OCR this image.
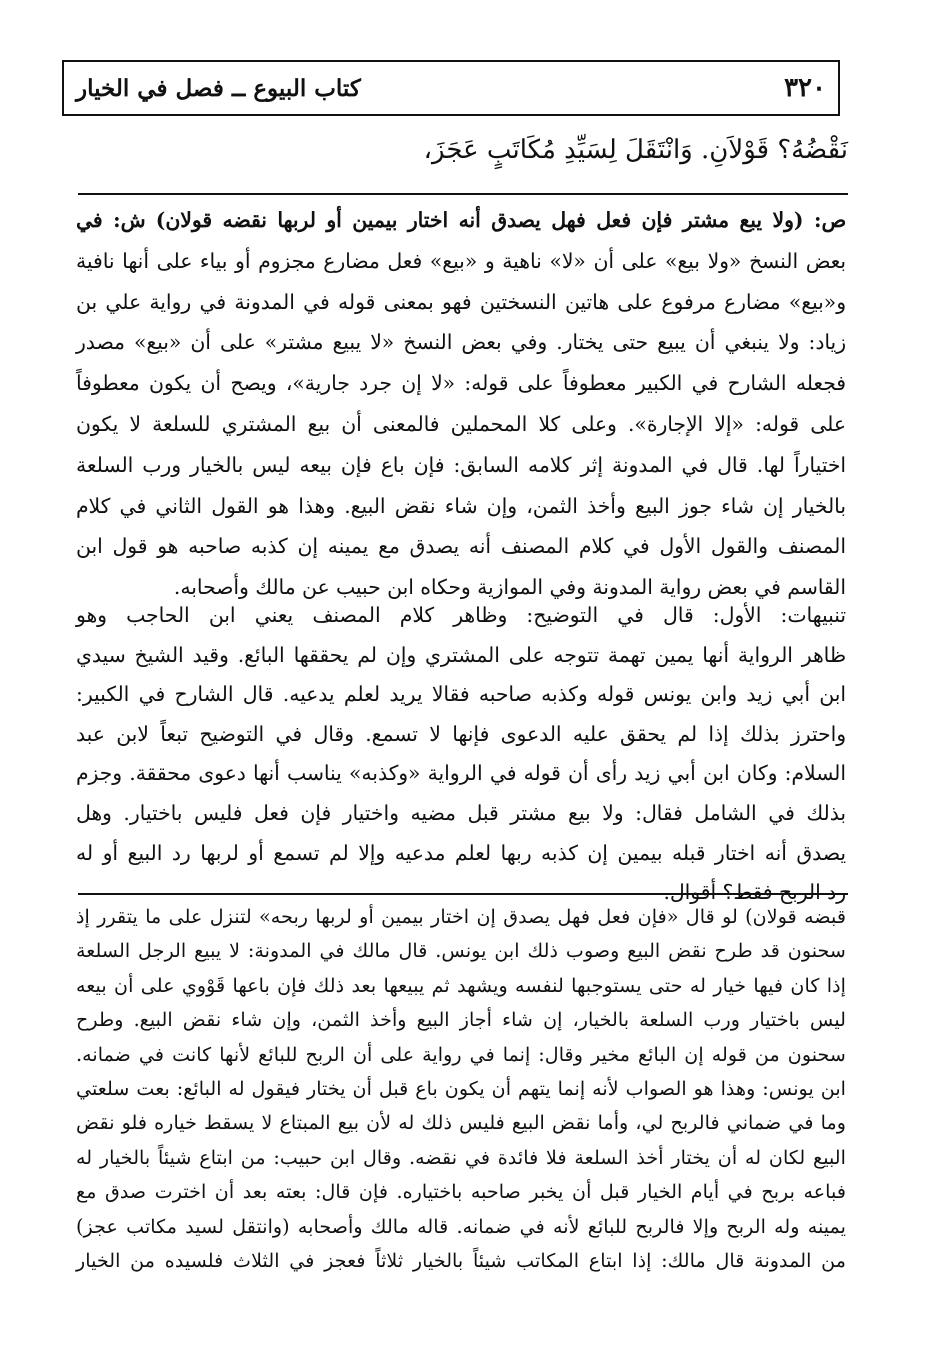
٣٢٠
كتاب البيوع ــ فصل في الخيار
نَقْضُهُ؟ قَوْلاَنِ. وَانْتَقَلَ لِسَيِّدِ مُكَاتَبٍ عَجَزَ،
ص: (ولا يبع مشتر فإن فعل فهل يصدق أنه اختار بيمين أو لربها نقضه قولان) ش: في
بعض النسخ «ولا بيع» على أن «لا» ناهية و «بيع» فعل مضارع مجزوم أو بياء على أنها نافية
و«بيع» مضارع مرفوع على هاتين النسختين فهو بمعنى قوله في المدونة في رواية علي بن
زياد: ولا ينبغي أن يبيع حتى يختار. وفي بعض النسخ «لا يبيع مشتر» على أن «بيع» مصدر
فجعله الشارح في الكبير معطوفاً على قوله: «لا إن جرد جارية»، ويصح أن يكون معطوفاً
على قوله: «إلا الإجارة». وعلى كلا المحملين فالمعنى أن بيع المشتري للسلعة لا يكون
اختياراً لها. قال في المدونة إثر كلامه السابق: فإن باع فإن بيعه ليس بالخيار ورب السلعة
بالخيار إن شاء جوز البيع وأخذ الثمن، وإن شاء نقض البيع. وهذا هو القول الثاني في كلام
المصنف والقول الأول في كلام المصنف أنه يصدق مع يمينه إن كذبه صاحبه هو قول ابن
القاسم في بعض رواية المدونة وفي الموازية وحكاه ابن حبيب عن مالك وأصحابه.
تنبيهات: الأول: قال في التوضيح: وظاهر كلام المصنف يعني ابن الحاجب وهو
ظاهر الرواية أنها يمين تهمة تتوجه على المشتري وإن لم يحققها البائع. وقيد الشيخ سيدي
ابن أبي زيد وابن يونس قوله وكذبه صاحبه فقالا يريد لعلم يدعيه. قال الشارح في الكبير:
واحترز بذلك إذا لم يحقق عليه الدعوى فإنها لا تسمع. وقال في التوضيح تبعاً لابن عبد
السلام: وكان ابن أبي زيد رأى أن قوله في الرواية «وكذبه» يناسب أنها دعوى محققة. وجزم
بذلك في الشامل فقال: ولا بيع مشتر قبل مضيه واختيار فإن فعل فليس باختيار. وهل
يصدق أنه اختار قبله بيمين إن كذبه ربها لعلم مدعيه وإلا لم تسمع أو لربها رد البيع أو له
رد الربح فقط؟ أقوال.
قبضه قولان) لو قال «فإن فعل فهل يصدق إن اختار بيمين أو لربها ربحه» لتنزل على ما يتقرر إذ
سحنون قد طرح نقض البيع وصوب ذلك ابن يونس. قال مالك في المدونة: لا يبيع الرجل السلعة
إذا كان فيها خيار له حتى يستوجبها لنفسه ويشهد ثم يبيعها بعد ذلك فإن باعها قَوْوي على أن بيعه
ليس باختيار ورب السلعة بالخيار، إن شاء أجاز البيع وأخذ الثمن، وإن شاء نقض البيع. وطرح
سحنون من قوله إن البائع مخير وقال: إنما في رواية على أن الربح للبائع لأنها كانت في ضمانه.
ابن يونس: وهذا هو الصواب لأنه إنما يتهم أن يكون باع قبل أن يختار فيقول له البائع: بعت سلعتي
وما في ضماني فالربح لي، وأما نقض البيع فليس ذلك له لأن بيع المبتاع لا يسقط خياره فلو نقض
البيع لكان له أن يختار أخذ السلعة فلا فائدة في نقضه. وقال ابن حبيب: من ابتاع شيئاً بالخيار له
فباعه بربح في أيام الخيار قبل أن يخبر صاحبه باختياره. فإن قال: بعته بعد أن اخترت صدق مع
يمينه وله الربح وإلا فالربح للبائع لأنه في ضمانه. قاله مالك وأصحابه (وانتقل لسيد مكاتب عجز)
من المدونة قال مالك: إذا ابتاع المكاتب شيئاً بالخيار ثلاثاً فعجز في الثلاث فلسيده من الخيار
